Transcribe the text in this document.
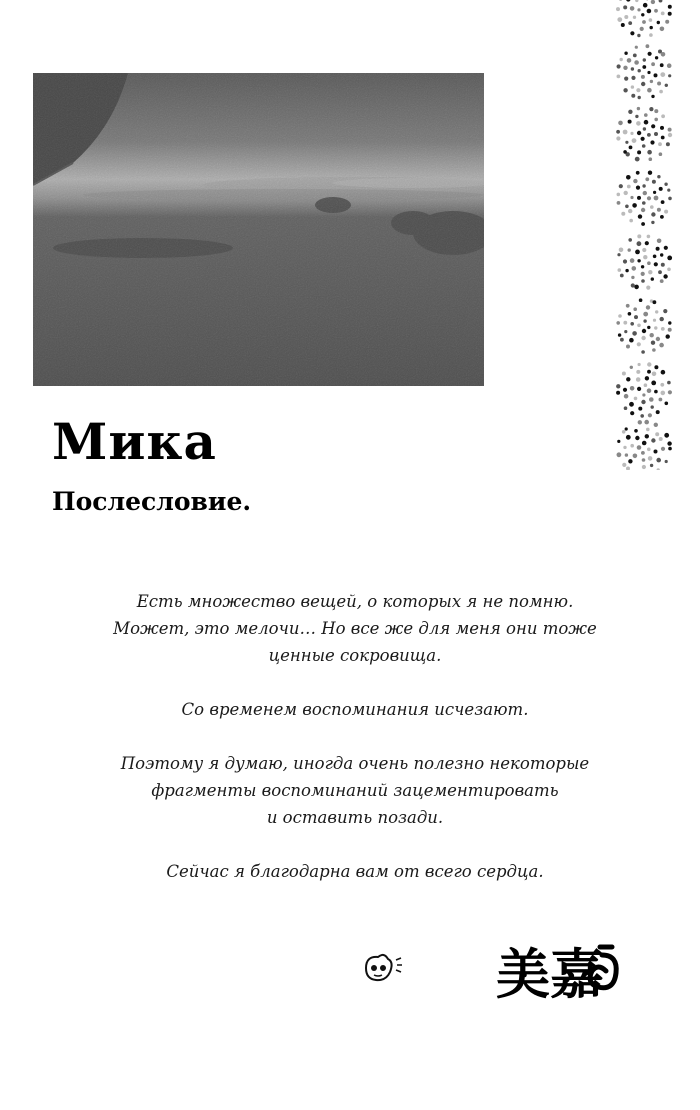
Мика
Послесловие.

Есть множество вещей, о которых я не помню.
Может, это мелочи… Но все же для меня они тоже
ценные сокровища.

Со временем воспоминания исчезают.

Поэтому я думаю, иногда очень полезно некоторые
фрагменты воспоминаний зацементировать
и оставить позади.

Сейчас я благодарна вам от всего сердца.

美嘉
